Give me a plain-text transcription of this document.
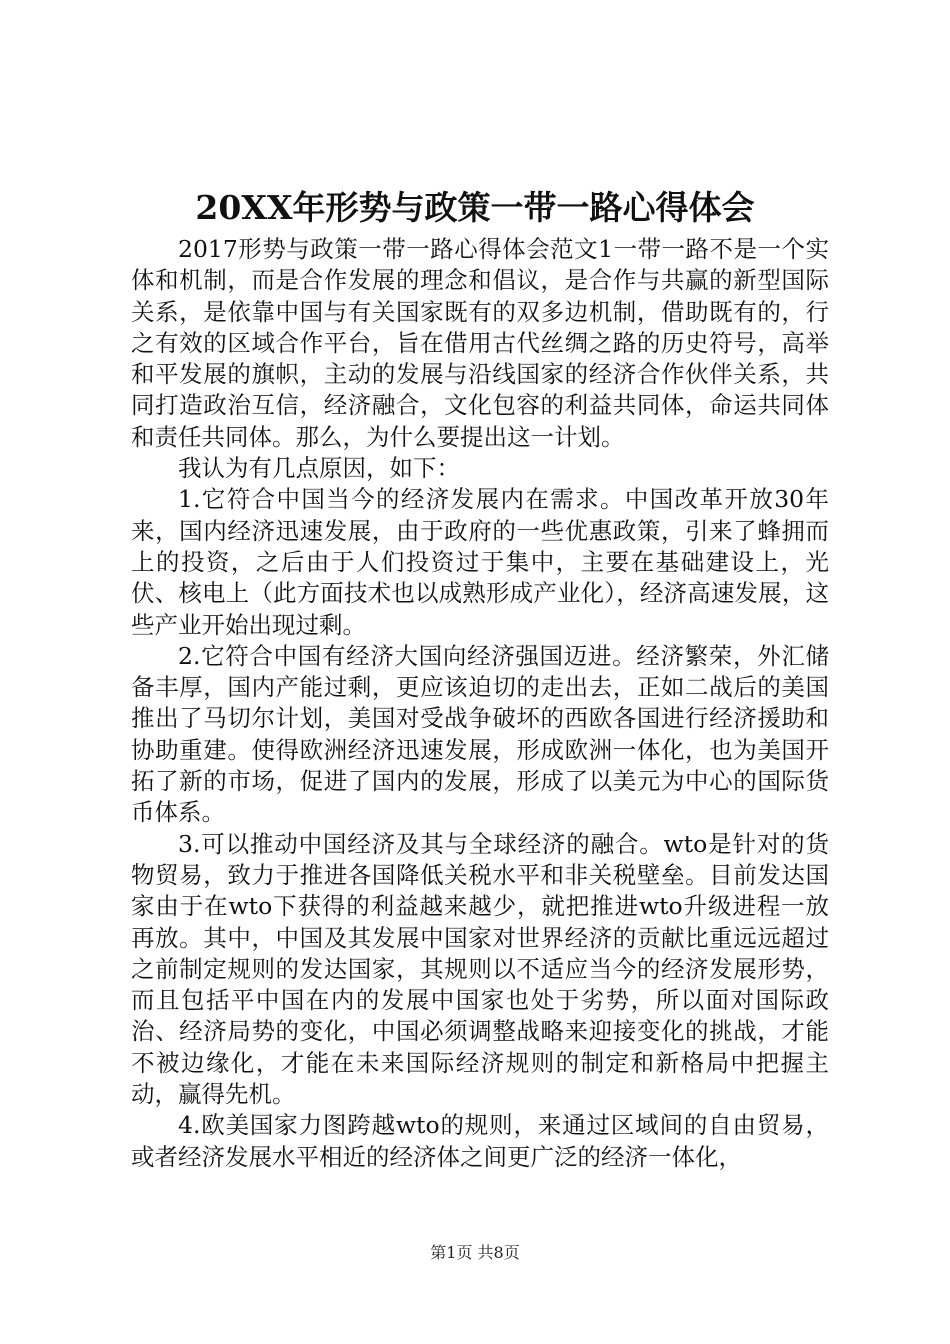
20XX年形势与政策一带一路心得体会

2017形势与政策一带一路心得体会范文1一带一路不是一个实体和机制，而是合作发展的理念和倡议，是合作与共赢的新型国际关系，是依靠中国与有关国家既有的双多边机制，借助既有的，行之有效的区域合作平台，旨在借用古代丝绸之路的历史符号，高举和平发展的旗帜，主动的发展与沿线国家的经济合作伙伴关系，共同打造政治互信，经济融合，文化包容的利益共同体，命运共同体和责任共同体。那么，为什么要提出这一计划。

我认为有几点原因，如下：

1.它符合中国当今的经济发展内在需求。中国改革开放30年来，国内经济迅速发展，由于政府的一些优惠政策，引来了蜂拥而上的投资，之后由于人们投资过于集中，主要在基础建设上，光伏、核电上（此方面技术也以成熟形成产业化），经济高速发展，这些产业开始出现过剩。

2.它符合中国有经济大国向经济强国迈进。经济繁荣，外汇储备丰厚，国内产能过剩，更应该迫切的走出去，正如二战后的美国推出了马切尔计划，美国对受战争破坏的西欧各国进行经济援助和协助重建。使得欧洲经济迅速发展，形成欧洲一体化，也为美国开拓了新的市场，促进了国内的发展，形成了以美元为中心的国际货币体系。

3.可以推动中国经济及其与全球经济的融合。wto是针对的货物贸易，致力于推进各国降低关税水平和非关税壁垒。目前发达国家由于在wto下获得的利益越来越少，就把推进wto升级进程一放再放。其中，中国及其发展中国家对世界经济的贡献比重远远超过之前制定规则的发达国家，其规则以不适应当今的经济发展形势，而且包括平中国在内的发展中国家也处于劣势，所以面对国际政治、经济局势的变化，中国必须调整战略来迎接变化的挑战，才能不被边缘化，才能在未来国际经济规则的制定和新格局中把握主动，赢得先机。

4.欧美国家力图跨越wto的规则，来通过区域间的自由贸易，或者经济发展水平相近的经济体之间更广泛的经济一体化，

第1页 共8页
